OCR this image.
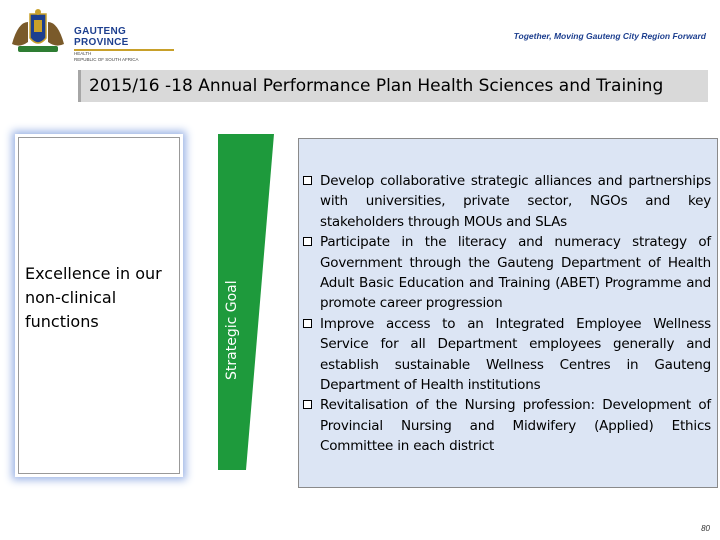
GAUTENG PROVINCE
HEALTH
REPUBLIC OF SOUTH AFRICA
Together, Moving Gauteng City Region Forward
2015/16 -18 Annual Performance Plan Health Sciences and Training
Excellence in our non-clinical functions	Strategic Goal
Develop collaborative strategic alliances and partnerships with universities, private sector, NGOs and key stakeholders through MOUs and SLAs
Participate in the literacy and numeracy strategy of Government through the Gauteng Department of Health Adult Basic Education and Training (ABET) Programme and promote career progression
Improve access to an Integrated Employee Wellness Service for all Department employees generally and establish sustainable Wellness Centres in Gauteng Department of Health institutions
Revitalisation of the Nursing profession: Development of Provincial Nursing and Midwifery (Applied) Ethics Committee in each district
80
